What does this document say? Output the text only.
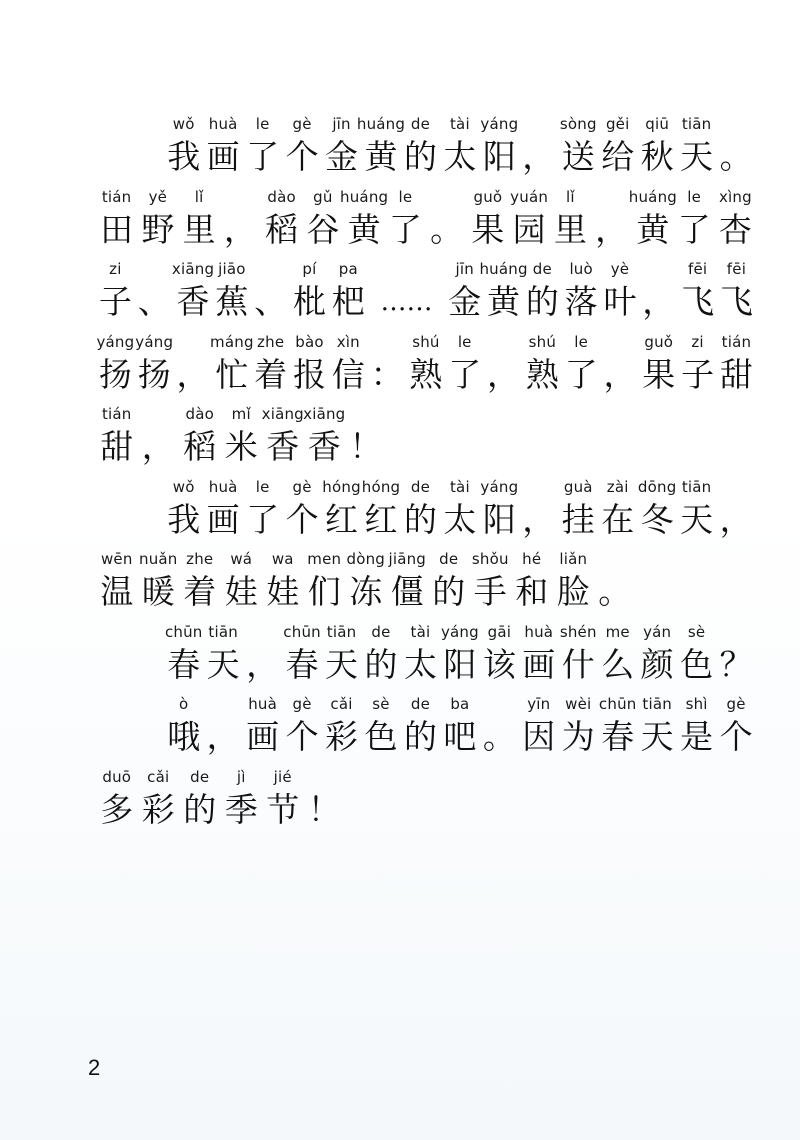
wǒ
我
huà
画
le
了
gè
个
jīn
金
huáng
黄
de
的
tài
太
yáng
阳 ，
sòng
送
gěi
给
qiū
秋
tiān
天 。
tián
田
yě
野
lǐ
里 ，
dào
稻
gǔ
谷
huáng
黄
le
了 。
guǒ
果
yuán
园
lǐ
里 ，
huáng
黄
le
了
xìng
杏
zi
子 、
xiāng
香
jiāo
蕉 、
pí
枇
pa
杷 ……
jīn
金
huáng
黄
de
的
luò
落
yè
叶 ，
fēi
飞
fēi
飞
yáng
扬
yáng
扬 ，
máng
忙
zhe
着
bào
报
xìn
信 ：
shú
熟
le
了 ，
shú
熟
le
了 ，
guǒ
果
zi
子
tián
甜
tián
甜 ，
dào
稻
mǐ
米
xiāng
香
xiāng
香 ！
wǒ
我
huà
画
le
了
gè
个
hóng
红
hóng
红
de
的
tài
太
yáng
阳 ，
guà
挂
zài
在
dōng
冬
tiān
天 ，
wēn
温
nuǎn
暖
zhe
着
wá
娃
wa
娃
men
们
dòng
冻
jiāng
僵
de
的
shǒu
手
hé
和
liǎn
脸 。
chūn
春
tiān
天 ，
chūn
春
tiān
天
de
的
tài
太
yáng
阳
gāi
该
huà
画
shén
什
me
么
yán
颜
sè
色 ？
ò
哦 ，
huà
画
gè
个
cǎi
彩
sè
色
de
的
ba
吧 。
yīn
因
wèi
为
chūn
春
tiān
天
shì
是
gè
个
duō
多
cǎi
彩
de
的
jì
季
jié
节 ！
2
